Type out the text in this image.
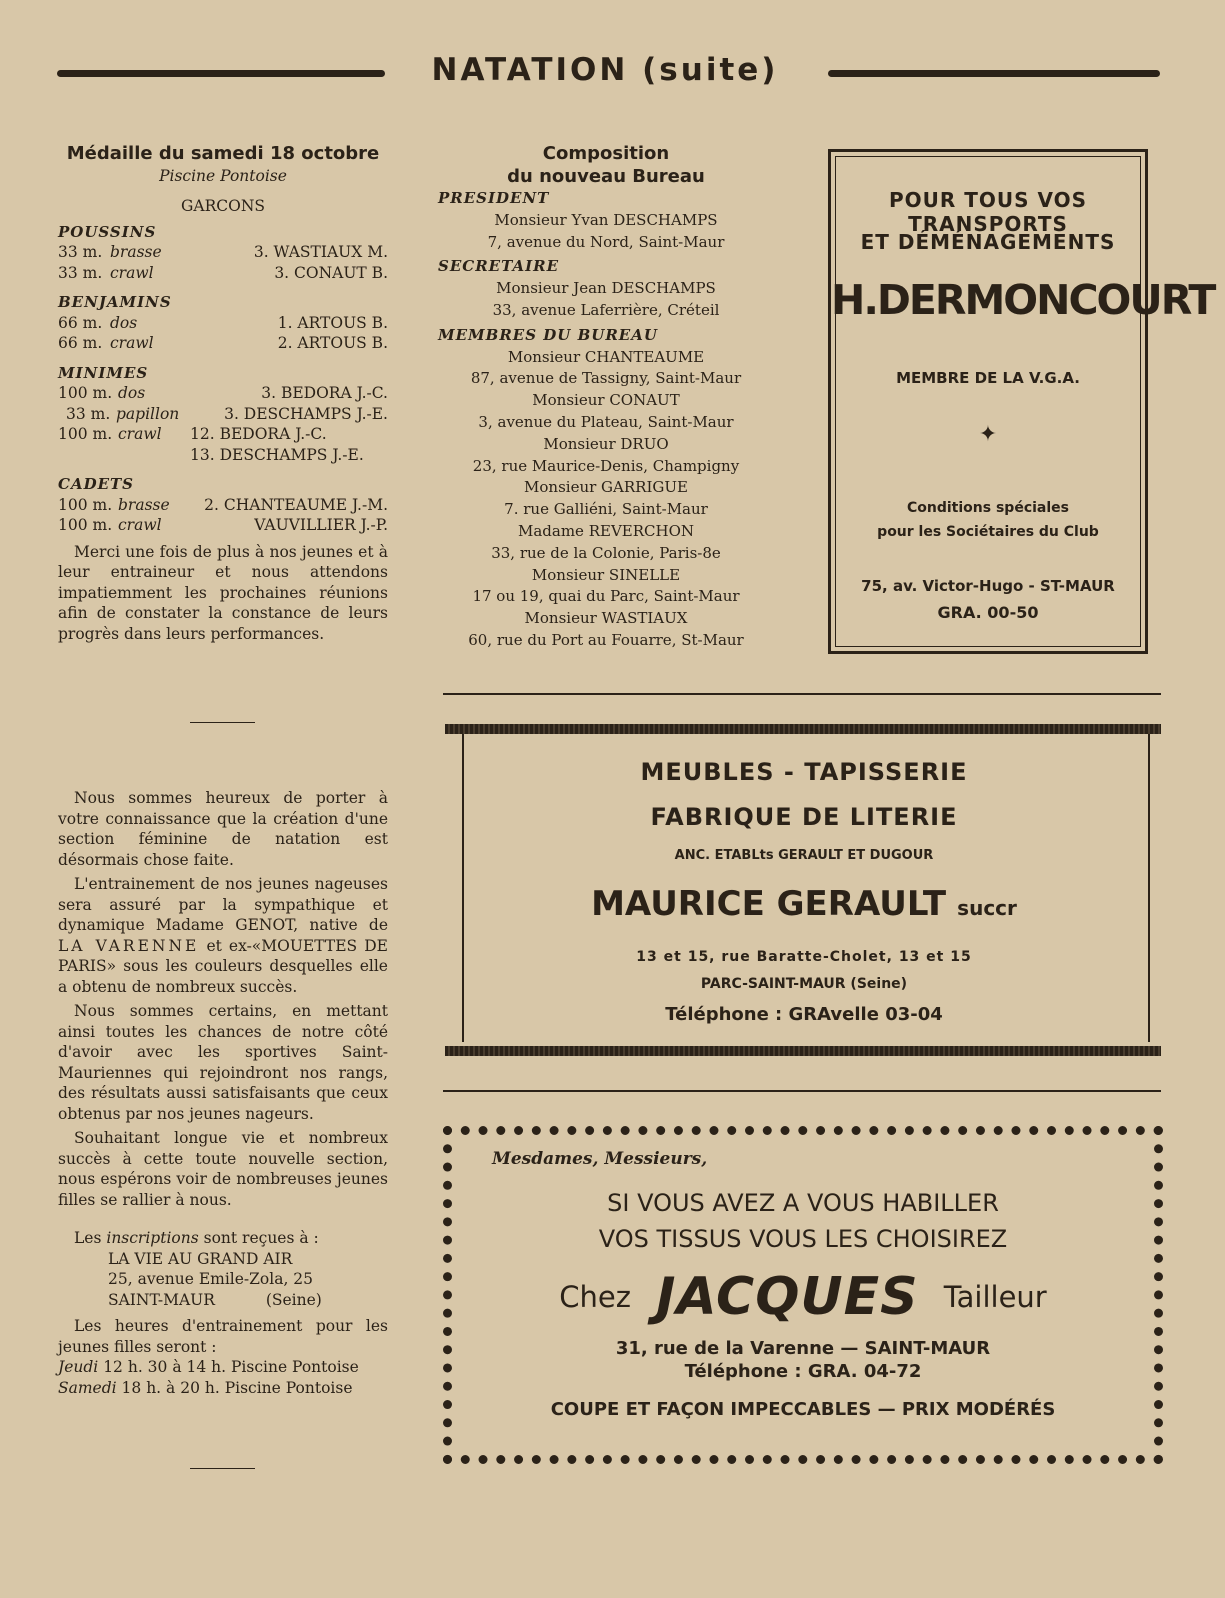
NATATION (suite)
Médaille du samedi 18 octobre
Piscine Pontoise
GARCONS
POUSSINS
33 m. brasse	3. WASTIAUX M.
33 m. crawl	3. CONAUT B.
BENJAMINS
66 m. dos	1. ARTOUS B.
66 m. crawl	2. ARTOUS B.
MINIMES
100 m. dos	3. BEDORA J.-C.
33 m. papillon	3. DESCHAMPS J.-E.
100 m. crawl 12. BEDORA J.-C.
13. DESCHAMPS J.-E.
CADETS
100 m. brasse 2. CHANTEAUME J.-M.
100 m. crawl	VAUVILLIER J.-P.

Merci une fois de plus à nos jeunes et à leur entraineur et nous attendons impatiemment les prochaines réunions afin de constater la constance de leurs progrès dans leurs performances.

Nous sommes heureux de porter à votre connaissance que la création d'une section féminine de natation est désormais chose faite.

L'entrainement de nos jeunes nageuses sera assuré par la sympathique et dynamique Madame GENOT, native de LA VARENNE et ex-«MOUETTES DE PARIS» sous les couleurs desquelles elle a obtenu de nombreux succès.

Nous sommes certains, en mettant ainsi toutes les chances de notre côté d'avoir avec les sportives Saint-Mauriennes qui rejoindront nos rangs, des résultats aussi satisfaisants que ceux obtenus par nos jeunes nageurs.

Souhaitant longue vie et nombreux succès à cette toute nouvelle section, nous espérons voir de nombreuses jeunes filles se rallier à nous.

Les inscriptions sont reçues à :
LA VIE AU GRAND AIR
25, avenue Emile-Zola, 25
SAINT-MAUR	(Seine)

Les heures d'entrainement pour les jeunes filles seront :

Jeudi 12 h. 30 à 14 h. Piscine Pontoise
Samedi 18 h. à 20 h. Piscine Pontoise
Composition
du nouveau Bureau
PRESIDENT
Monsieur Yvan DESCHAMPS
7, avenue du Nord, Saint-Maur
SECRETAIRE
Monsieur Jean DESCHAMPS
33, avenue Laferrière, Créteil
MEMBRES DU BUREAU
Monsieur CHANTEAUME
87, avenue de Tassigny, Saint-Maur
Monsieur CONAUT
3, avenue du Plateau, Saint-Maur
Monsieur DRUO
23, rue Maurice-Denis, Champigny
Monsieur GARRIGUE
7. rue Galliéni, Saint-Maur
Madame REVERCHON
33, rue de la Colonie, Paris-8e
Monsieur SINELLE
17 ou 19, quai du Parc, Saint-Maur
Monsieur WASTIAUX
60, rue du Port au Fouarre, St-Maur
POUR TOUS VOS TRANSPORTS
ET DÉMÉNAGEMENTS
H.DERMONCOURT
MEMBRE DE LA V.G.A.
✦
Conditions spéciales
pour les Sociétaires du Club
75, av. Victor-Hugo - ST-MAUR
GRA. 00-50
MEUBLES - TAPISSERIE
FABRIQUE DE LITERIE
ANC. ETABLts GERAULT ET DUGOUR
MAURICE GERAULT succr
13 et 15, rue Baratte-Cholet, 13 et 15
PARC-SAINT-MAUR (Seine)
Téléphone : GRAvelle 03-04
Mesdames, Messieurs,
SI VOUS AVEZ A VOUS HABILLER
VOS TISSUS VOUS LES CHOISIREZ
Chez JACQUES Tailleur
31, rue de la Varenne — SAINT-MAUR
Téléphone : GRA. 04-72
COUPE ET FAÇON IMPECCABLES — PRIX MODÉRÉS
